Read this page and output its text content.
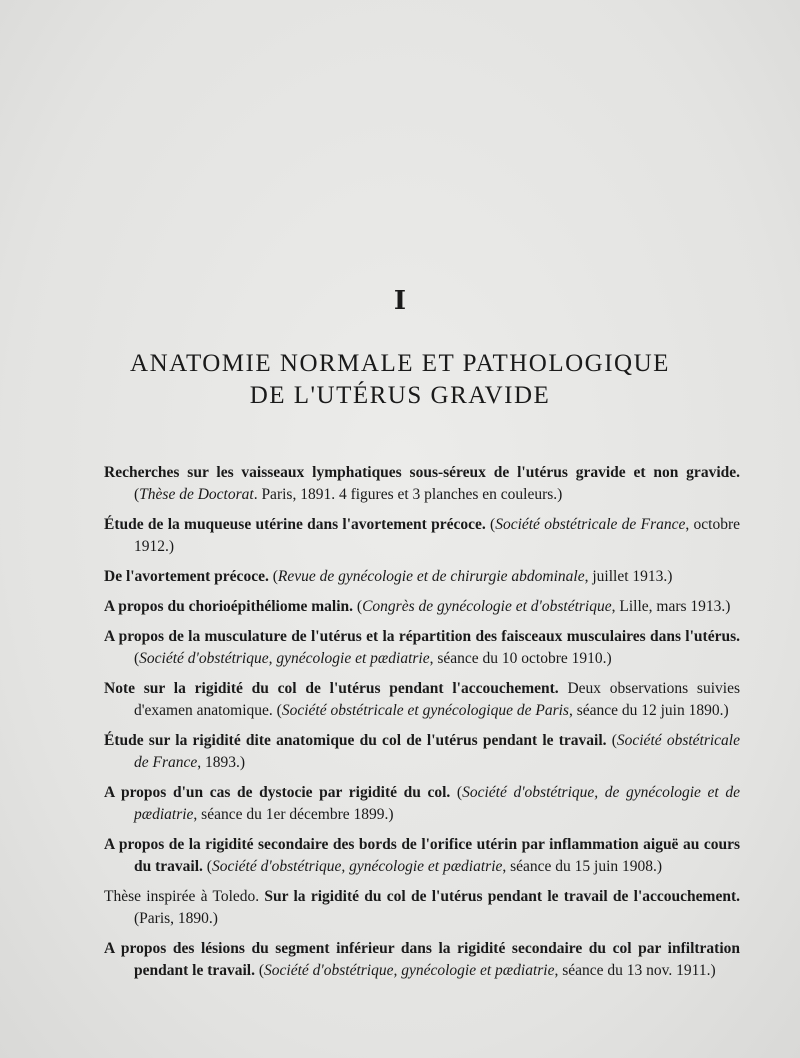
I
ANATOMIE NORMALE ET PATHOLOGIQUE
DE L'UTÉRUS GRAVIDE
Recherches sur les vaisseaux lymphatiques sous-séreux de l'utérus gravide et non gravide. (Thèse de Doctorat. Paris, 1891. 4 figures et 3 planches en couleurs.)
Étude de la muqueuse utérine dans l'avortement précoce. (Société obstétricale de France, octobre 1912.)
De l'avortement précoce. (Revue de gynécologie et de chirurgie abdominale, juillet 1913.)
A propos du chorioépithéliome malin. (Congrès de gynécologie et d'obstétrique, Lille, mars 1913.)
A propos de la musculature de l'utérus et la répartition des faisceaux musculaires dans l'utérus. (Société d'obstétrique, gynécologie et pædiatrie, séance du 10 octobre 1910.)
Note sur la rigidité du col de l'utérus pendant l'accouchement. Deux observations suivies d'examen anatomique. (Société obstétricale et gynécologique de Paris, séance du 12 juin 1890.)
Étude sur la rigidité dite anatomique du col de l'utérus pendant le travail. (Société obstétricale de France, 1893.)
A propos d'un cas de dystocie par rigidité du col. (Société d'obstétrique, de gynécologie et de pædiatrie, séance du 1er décembre 1899.)
A propos de la rigidité secondaire des bords de l'orifice utérin par inflammation aiguë au cours du travail. (Société d'obstétrique, gynécologie et pædiatrie, séance du 15 juin 1908.)
Thèse inspirée à Toledo. Sur la rigidité du col de l'utérus pendant le travail de l'accouchement. (Paris, 1890.)
A propos des lésions du segment inférieur dans la rigidité secondaire du col par infiltration pendant le travail. (Société d'obstétrique, gynécologie et pædiatrie, séance du 13 nov. 1911.)
